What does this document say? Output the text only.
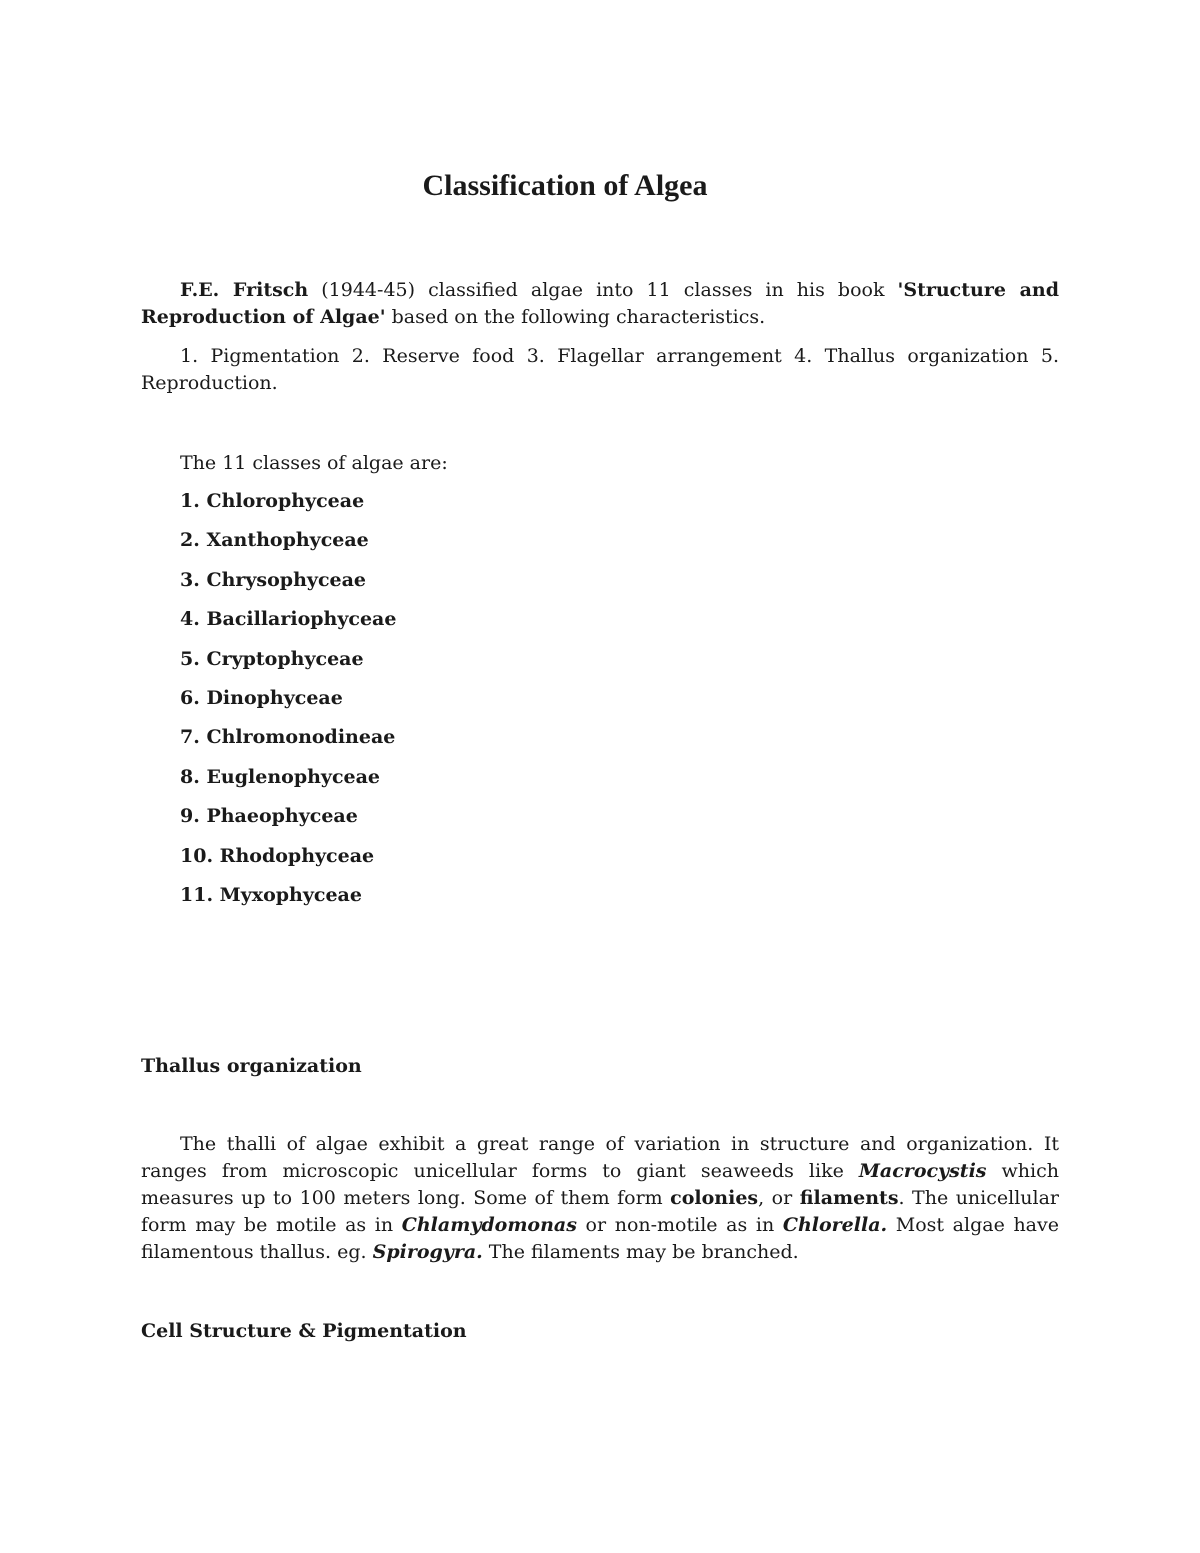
Classification of Algea

F.E. Fritsch (1944-45) classified algae into 11 classes in his book 'Structure and Reproduction of Algae' based on the following characteristics.

1. Pigmentation 2. Reserve food 3. Flagellar arrangement 4. Thallus organization 5. Reproduction.

The 11 classes of algae are:

1. Chlorophyceae
2. Xanthophyceae
3. Chrysophyceae
4. Bacillariophyceae
5. Cryptophyceae
6. Dinophyceae
7. Chlromonodineae
8. Euglenophyceae
9. Phaeophyceae
10. Rhodophyceae
11. Myxophyceae
Thallus organization

The thalli of algae exhibit a great range of variation in structure and organization. It ranges from microscopic unicellular forms to giant seaweeds like Macrocystis which measures up to 100 meters long. Some of them form colonies, or filaments. The unicellular form may be motile as in Chlamydomonas or non-motile as in Chlorella. Most algae have filamentous thallus. eg. Spirogyra. The filaments may be branched.

Cell Structure & Pigmentation
